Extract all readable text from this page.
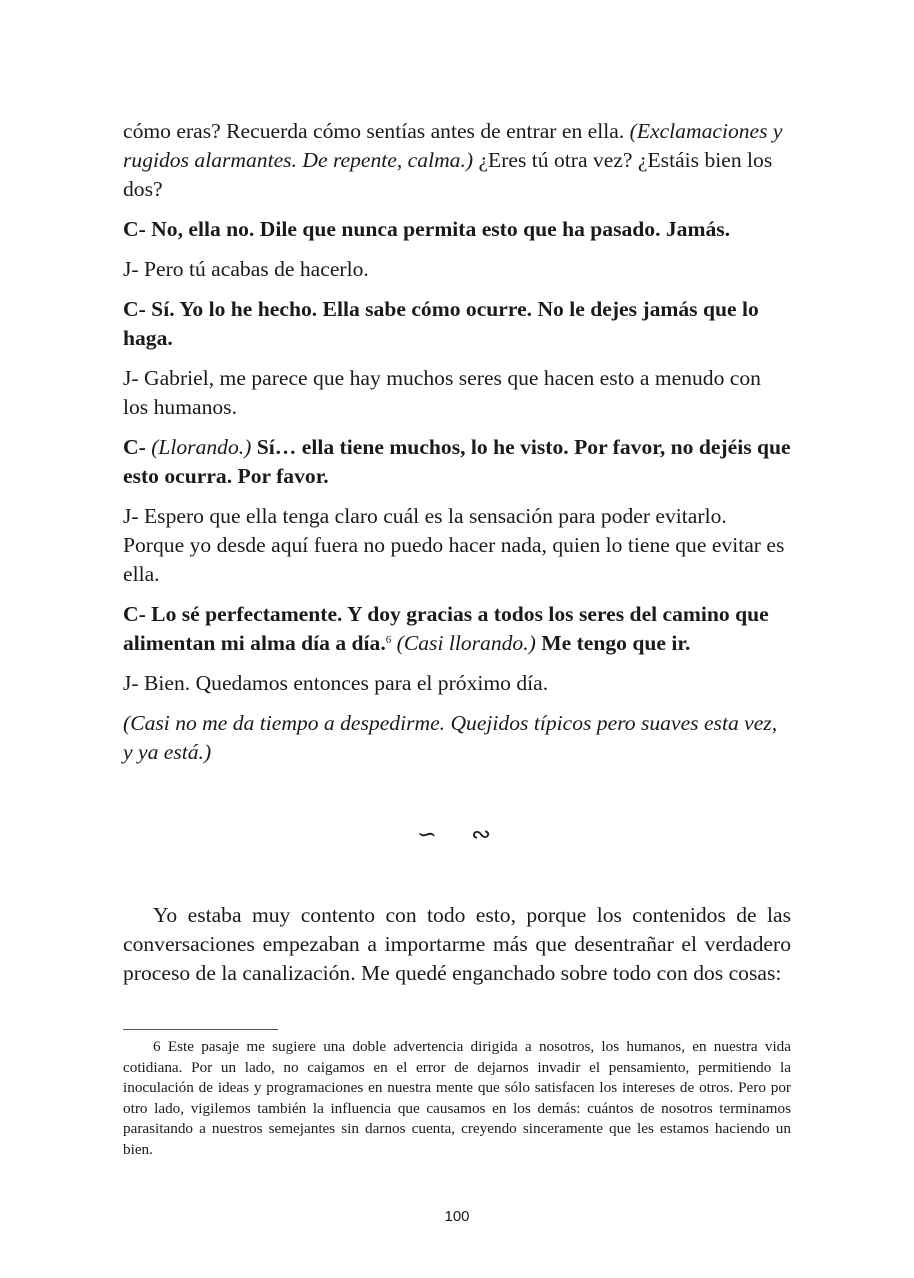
cómo eras? Recuerda cómo sentías antes de entrar en ella. (Exclamaciones y rugidos alarmantes. De repente, calma.) ¿Eres tú otra vez? ¿Estáis bien los dos?

C- No, ella no. Dile que nunca permita esto que ha pasado. Jamás.

J- Pero tú acabas de hacerlo.

C- Sí. Yo lo he hecho. Ella sabe cómo ocurre. No le dejes jamás que lo haga.

J- Gabriel, me parece que hay muchos seres que hacen esto a menudo con los humanos.

C- (Llorando.) Sí… ella tiene muchos, lo he visto. Por favor, no dejéis que esto ocurra. Por favor.

J- Espero que ella tenga claro cuál es la sensación para poder evitarlo. Porque yo desde aquí fuera no puedo hacer nada, quien lo tiene que evitar es ella.

C- Lo sé perfectamente. Y doy gracias a todos los seres del camino que alimentan mi alma día a día.$^6$ (Casi llorando.) Me tengo que ir.

J- Bien. Quedamos entonces para el próximo día.

(Casi no me da tiempo a despedirme. Quejidos típicos pero suaves esta vez, y ya está.)

∽ ∾

Yo estaba muy contento con todo esto, porque los contenidos de las conversaciones empezaban a importarme más que desentrañar el verdadero proceso de la canalización. Me quedé enganchado sobre todo con dos cosas:

6 Este pasaje me sugiere una doble advertencia dirigida a nosotros, los humanos, en nuestra vida cotidiana. Por un lado, no caigamos en el error de dejarnos invadir el pensamiento, permitiendo la inoculación de ideas y programaciones en nuestra mente que sólo satisfacen los intereses de otros. Pero por otro lado, vigilemos también la influencia que causamos en los demás: cuántos de nosotros terminamos parasitando a nuestros semejantes sin darnos cuenta, creyendo sinceramente que les estamos haciendo un bien.

100
